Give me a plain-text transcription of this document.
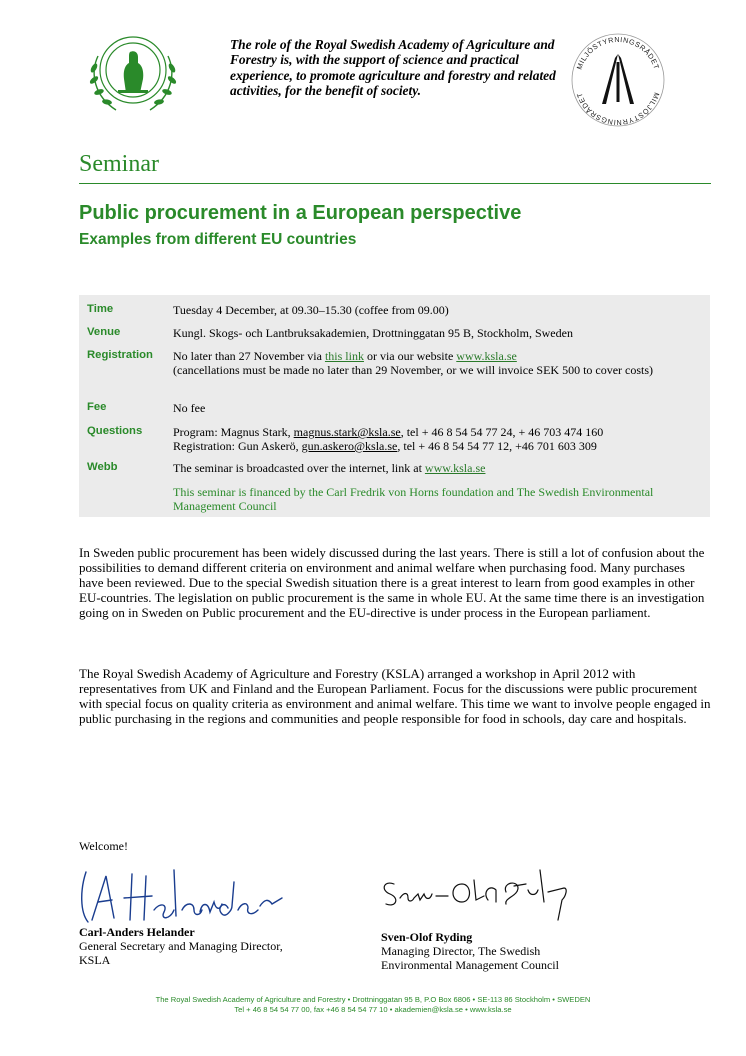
The role of the Royal Swedish Academy of Agriculture and Forestry is, with the support of science and practical experience, to promote agriculture and forestry and related activities, for the benefit of society.
MILJÖSTYRNINGSRÅDET
MILJÖSTYRNINGSRÅDET
Seminar
Public procurement in a European perspective
Examples from different EU countries
Time	Tuesday 4 December, at 09.30–15.30 (coffee from 09.00)
Venue	Kungl. Skogs- och Lantbruksakademien, Drottninggatan 95 B, Stockholm, Sweden
Registration No later than 27 November via this link or via our website www.ksla.se
(cancellations must be made no later than 29 November, or we will invoice SEK 500 to cover costs)
Fee	No fee
Questions	Program: Magnus Stark, magnus.stark@ksla.se, tel + 46 8 54 54 77 24, + 46 703 474 160
Registration: Gun Askerö, gun.askero@ksla.se, tel + 46 8 54 54 77 12, +46 701 603 309
Webb	The seminar is broadcasted over the internet, link at www.ksla.se
This seminar is financed by the Carl Fredrik von Horns foundation and The Swedish Environmental Management Council
In Sweden public procurement has been widely discussed during the last years. There is still a lot of confusion about the possibilities to demand different criteria on environment and animal welfare when purchasing food. Many purchases have been reviewed. Due to the special Swedish situation there is a great interest to learn from good examples in other EU-countries. The legislation on public procurement is the same in whole EU. At the same time there is an investigation going on in Sweden on Public procurement and the EU-directive is under process in the European parliament.
The Royal Swedish Academy of Agriculture and Forestry (KSLA) arranged a workshop in April 2012 with representatives from UK and Finland and the European Parliament. Focus for the discussions were public procurement with special focus on quality criteria as environment and animal welfare. This time we want to involve people engaged in public purchasing in the regions and communities and people responsible for food in schools, day care and hospitals.
Welcome!
Carl-Anders Helander
General Secretary and Managing Director,
KSLA
Sven-Olof Ryding
Managing Director, The Swedish
Environmental Management Council
The Royal Swedish Academy of Agriculture and Forestry • Drottninggatan 95 B, P.O Box 6806 • SE-113 86 Stockholm • SWEDEN
Tel + 46 8 54 54 77 00, fax +46 8 54 54 77 10 • akademien@ksla.se • www.ksla.se
